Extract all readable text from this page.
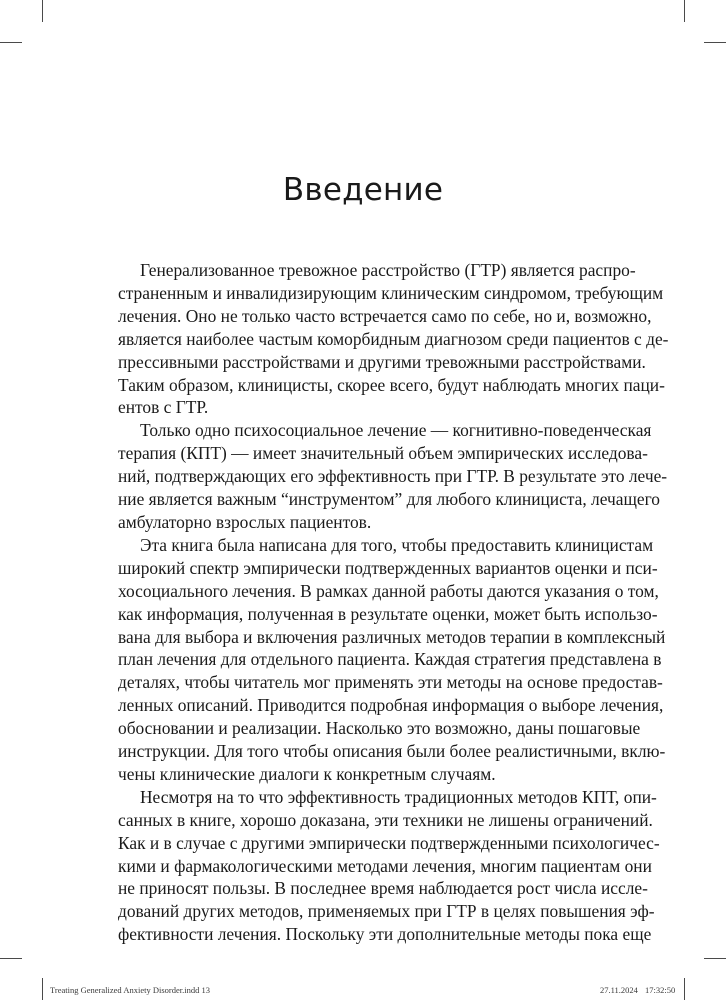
Введение

Генерализованное тревожное расстройство (ГТР) является распро-
страненным и инвалидизирующим клиническим синдромом, требующим
лечения. Оно не только часто встречается само по себе, но и, возможно,
является наиболее частым коморбидным диагнозом среди пациентов с де-
прессивными расстройствами и другими тревожными расстройствами.
Таким образом, клиницисты, скорее всего, будут наблюдать многих паци-
ентов с ГТР.

Только одно психосоциальное лечение — когнитивно-поведенческая
терапия (КПТ) — имеет значительный объем эмпирических исследова-
ний, подтверждающих его эффективность при ГТР. В результате это лече-
ние является важным “инструментом” для любого клинициста, лечащего
амбулаторно взрослых пациентов.

Эта книга была написана для того, чтобы предоставить клиницистам
широкий спектр эмпирически подтвержденных вариантов оценки и пси-
хосоциального лечения. В рамках данной работы даются указания о том,
как информация, полученная в результате оценки, может быть использо-
вана для выбора и включения различных методов терапии в комплексный
план лечения для отдельного пациента. Каждая стратегия представлена в
деталях, чтобы читатель мог применять эти методы на основе предостав-
ленных описаний. Приводится подробная информация о выборе лечения,
обосновании и реализации. Насколько это возможно, даны пошаговые
инструкции. Для того чтобы описания были более реалистичными, вклю-
чены клинические диалоги к конкретным случаям.

Несмотря на то что эффективность традиционных методов КПТ, опи-
санных в книге, хорошо доказана, эти техники не лишены ограничений.
Как и в случае с другими эмпирически подтвержденными психологичес-
кими и фармакологическими методами лечения, многим пациентам они
не приносят пользы. В последнее время наблюдается рост числа иссле-
дований других методов, применяемых при ГТР в целях повышения эф-
фективности лечения. Поскольку эти дополнительные методы пока еще

Treating Generalized Anxiety Disorder.indd 13	27.11.2024 17:32:50
